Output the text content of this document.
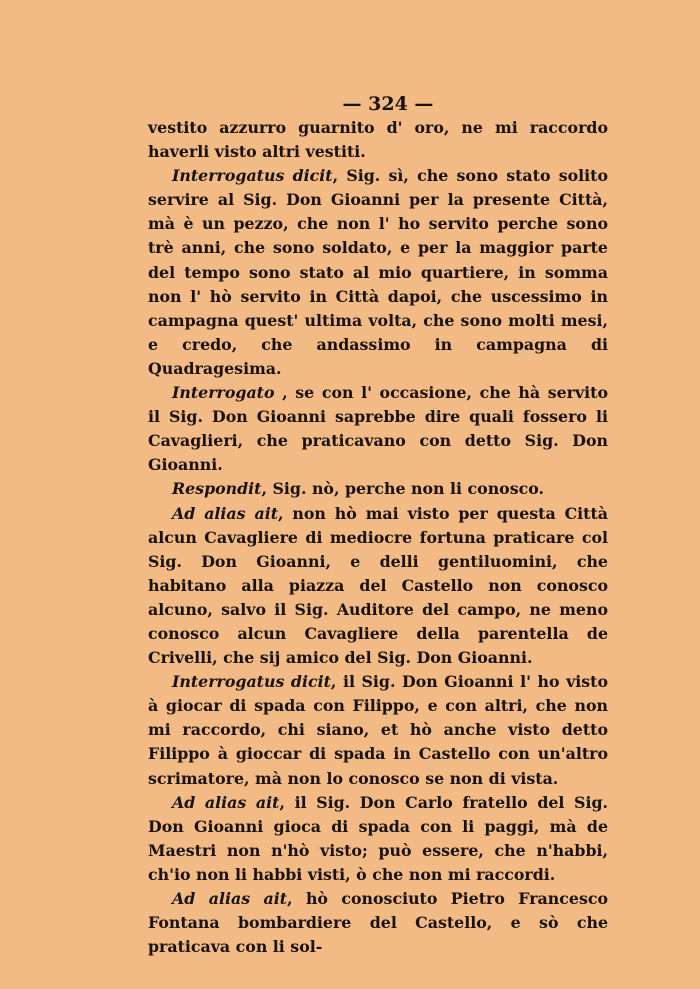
— 324 —

vestito azzurro guarnito d' oro, ne mi raccordo haverli visto altri vestiti.

Interrogatus dicit, Sig. sì, che sono stato solito servire al Sig. Don Gioanni per la presente Città, mà è un pezzo, che non l' ho servito perche sono trè anni, che sono soldato, e per la maggior parte del tempo sono stato al mio quartiere, in somma non l' hò servito in Città dapoi, che uscessimo in campagna quest' ultima volta, che sono molti mesi, e credo, che andassimo in campagna di Quadragesima.

Interrogato , se con l' occasione, che hà servito il Sig. Don Gioanni saprebbe dire quali fossero li Cavaglieri, che praticavano con detto Sig. Don Gioanni.

Respondit, Sig. nò, perche non li conosco.

Ad alias ait, non hò mai visto per questa Città alcun Cavagliere di mediocre fortuna praticare col Sig. Don Gioanni, e delli gentiluomini, che habitano alla piazza del Castello non conosco alcuno, salvo il Sig. Auditore del campo, ne meno conosco alcun Cavagliere della parentella de Crivelli, che sij amico del Sig. Don Gioanni.

Interrogatus dicit, il Sig. Don Gioanni l' ho visto à giocar di spada con Filippo, e con altri, che non mi raccordo, chi siano, et hò anche visto detto Filippo à gioccar di spada in Castello con un'altro scrimatore, mà non lo conosco se non di vista.

Ad alias ait, il Sig. Don Carlo fratello del Sig. Don Gioanni gioca di spada con li paggi, mà de Maestri non n'hò visto; può essere, che n'habbi, ch'io non li habbi visti, ò che non mi raccordi.

Ad alias ait, hò conosciuto Pietro Francesco Fontana bombardiere del Castello, e sò che praticava con li sol-
